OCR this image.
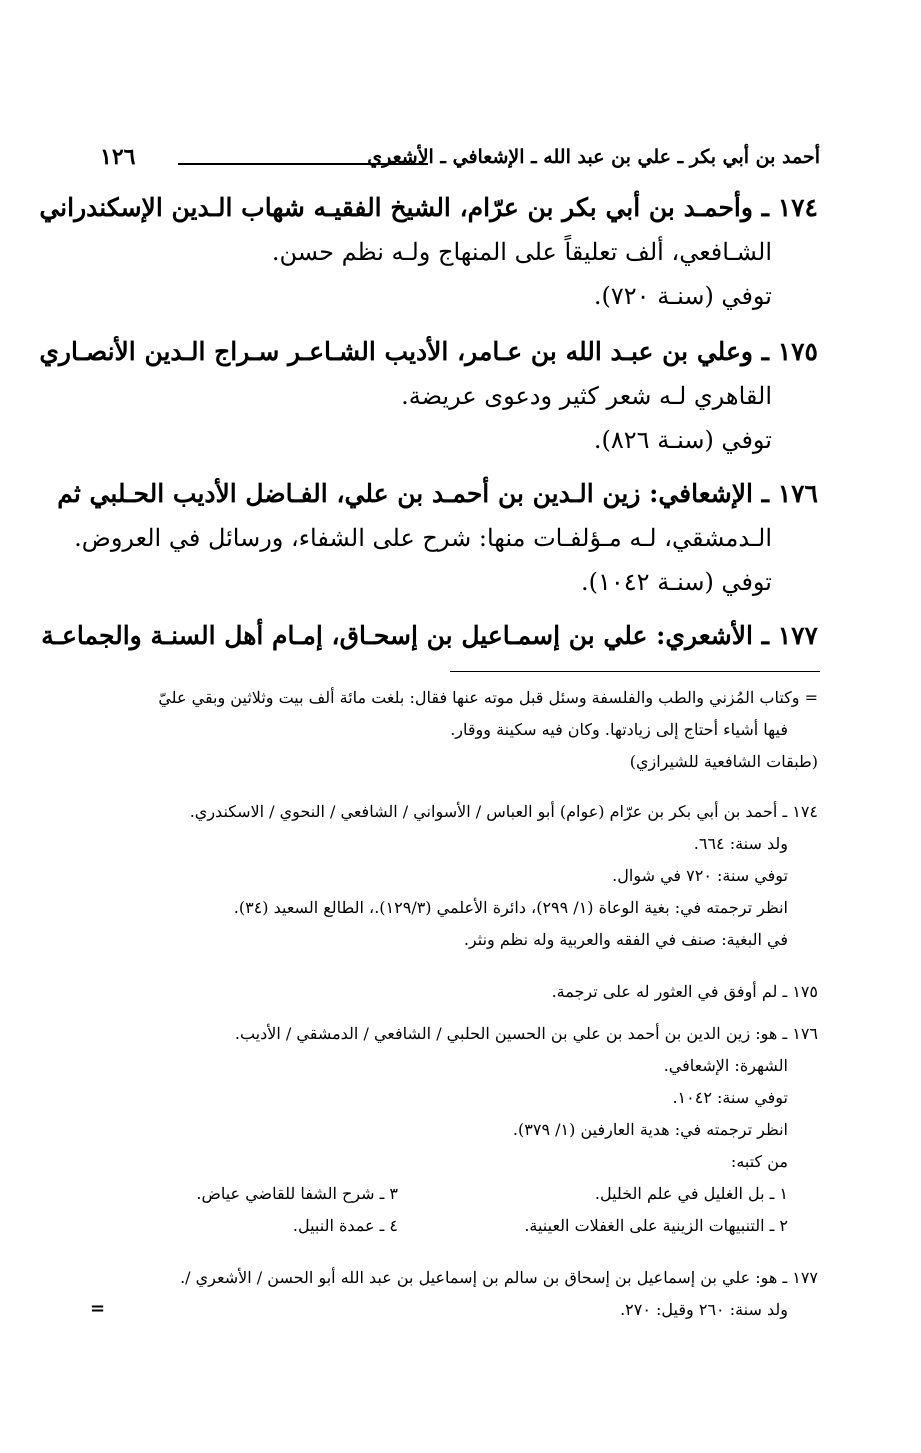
أحمد بن أبي بكر ـ علي بن عبد الله ـ الإشعافي ـ الأشعري
١٢٦
١٧٤ ـ وأحمـد بن أبي بكر بن عرّام، الشيخ الفقيـه شهاب الـدين الإسكندراني
الشـافعي، ألف تعليقاً على المنهاج ولـه نظم حسن.
توفي (سنـة ٧٢٠).
١٧٥ ـ وعلي بن عبـد الله بن عـامر، الأديب الشـاعـر سـراج الـدين الأنصـاري
القاهري لـه شعر كثير ودعوى عريضة.
توفي (سنـة ٨٢٦).
١٧٦ ـ الإشعافي: زين الـدين بن أحمـد بن علي، الفـاضل الأديب الحـلبي ثم
الـدمشقي، لـه مـؤلفـات منها: شرح على الشفاء، ورسائل في العروض.
توفي (سنـة ١٠٤٢).
١٧٧ ـ الأشعري: علي بن إسمـاعيل بن إسحـاق، إمـام أهل السنـة والجماعـة
= وكتاب المُزني والطب والفلسفة وسئل قبل موته عنها فقال: بلغت مائة ألف بيت وثلاثين وبقي عليّ
فيها أشياء أحتاج إلى زيادتها. وكان فيه سكينة ووقار.
(طبقات الشافعية للشيرازي)
١٧٤ ـ أحمد بن أبي بكر بن عرّام (عوام) أبو العباس / الأسواني / الشافعي / النحوي / الاسكندري.
ولد سنة: ٦٦٤.
توفي سنة: ٧٢٠ في شوال.
انظر ترجمته في: بغية الوعاة (١/ ٢٩٩)، دائرة الأعلمي (١٢٩/٣).، الطالع السعيد (٣٤).
في البغية: صنف في الفقه والعربية وله نظم ونثر.
١٧٥ ـ لم أوفق في العثور له على ترجمة.
١٧٦ ـ هو: زين الدين بن أحمد بن علي بن الحسين الحلبي / الشافعي / الدمشقي / الأديب.
الشهرة: الإشعافي.
توفي سنة: ١٠٤٢.
انظر ترجمته في: هدية العارفين (١/ ٣٧٩).
من كتبه:
١ ـ بل الغليل في علم الخليل.
٣ ـ شرح الشفا للقاضي عياض.
٢ ـ التنبيهات الزينية على الغفلات العينية.
٤ ـ عمدة النبيل.
١٧٧ ـ هو: علي بن إسماعيل بن إسحاق بن سالم بن إسماعيل بن عبد الله أبو الحسن / الأشعري /.
ولد سنة: ٢٦٠ وقيل: ٢٧٠.
=
